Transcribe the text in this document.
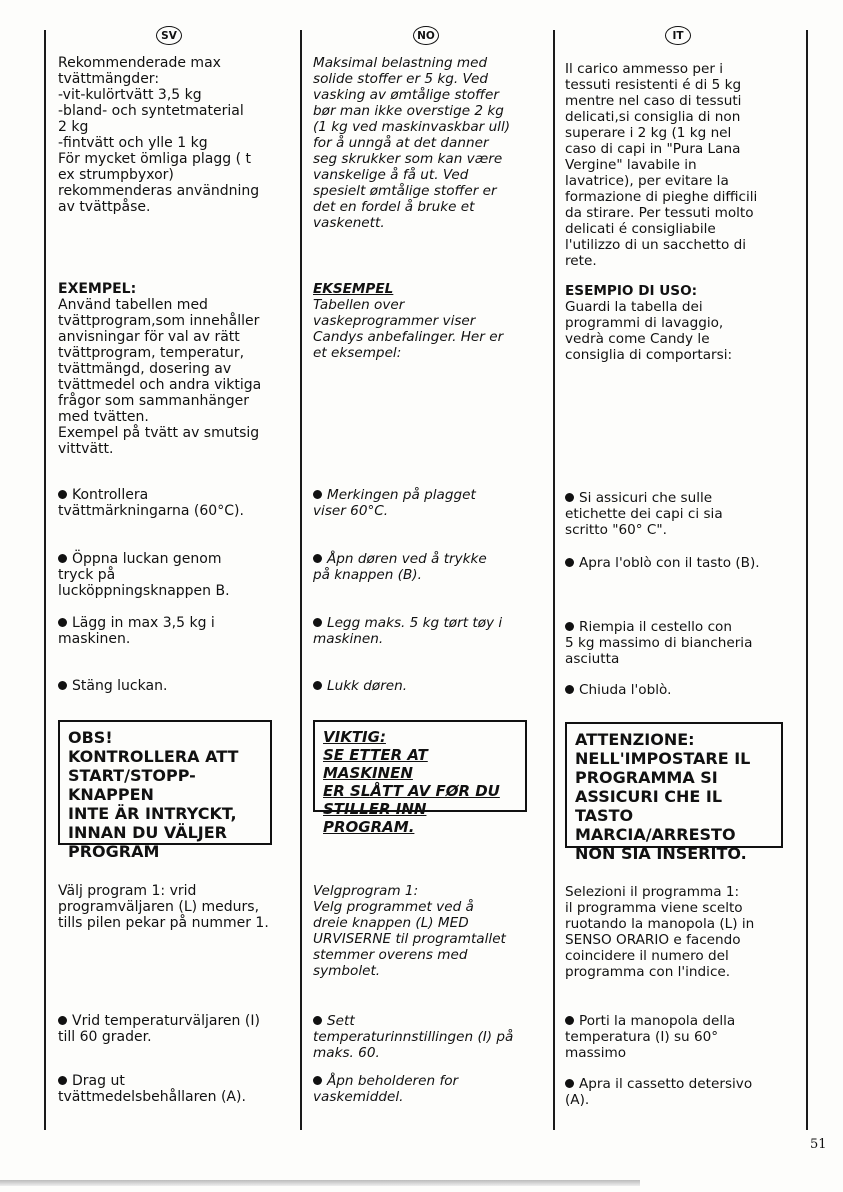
SV
Rekommenderade max
tvättmängder:
-vit-kulörtvätt 3,5 kg
-bland- och syntetmaterial
2 kg
-fintvätt och ylle 1 kg
För mycket ömliga plagg ( t
ex strumpbyxor)
rekommenderas användning
av tvättpåse.
EXEMPEL:
Använd tabellen med
tvättprogram,som innehåller
anvisningar för val av rätt
tvättprogram, temperatur,
tvättmängd, dosering av
tvättmedel och andra viktiga
frågor som sammanhänger
med tvätten.
Exempel på tvätt av smutsig
vittvätt.
Kontrollera
tvättmärkningarna (60°C).
Öppna luckan genom
tryck på
lucköppningsknappen B.
Lägg in max 3,5 kg i
maskinen.
Stäng luckan.
OBS!
KONTROLLERA ATT
START/STOPP-KNAPPEN
INTE ÄR INTRYCKT,
INNAN DU VÄLJER
PROGRAM
Välj program 1: vrid
programväljaren (L) medurs,
tills pilen pekar på nummer 1.
Vrid temperaturväljaren (I)
till 60 grader.
Drag ut
tvättmedelsbehållaren (A).
NO
Maksimal belastning med
solide stoffer er 5 kg. Ved
vasking av ømtålige stoffer
bør man ikke overstige 2 kg
(1 kg ved maskinvaskbar ull)
for å unngå at det danner
seg skrukker som kan være
vanskelige å få ut. Ved
spesielt ømtålige stoffer er
det en fordel å bruke et
vaskenett.
EKSEMPEL
Tabellen over
vaskeprogrammer viser
Candys anbefalinger. Her er
et eksempel:
Merkingen på plagget
viser 60°C.
Åpn døren ved å trykke
på knappen (B).
Legg maks. 5 kg tørt tøy i
maskinen.
Lukk døren.
VIKTIG:
SE ETTER AT MASKINEN
ER SLÅTT AV FØR DU
STILLER INN PROGRAM.
Velgprogram 1:
Velg programmet ved å
dreie knappen (L) MED
URVISERNE til programtallet
stemmer overens med
symbolet.
Sett
temperaturinnstillingen (I) på
maks. 60.
Åpn beholderen for
vaskemiddel.
IT
Il carico ammesso per i
tessuti resistenti é di 5 kg
mentre nel caso di tessuti
delicati,si consiglia di non
superare i 2 kg (1 kg nel
caso di capi in "Pura Lana
Vergine" lavabile in
lavatrice), per evitare la
formazione di pieghe difficili
da stirare. Per tessuti molto
delicati é consigliabile
l'utilizzo di un sacchetto di
rete.
ESEMPIO DI USO:
Guardi la tabella dei
programmi di lavaggio,
vedrà come Candy le
consiglia di comportarsi:
Si assicuri che sulle
etichette dei capi ci sia
scritto "60° C".
Apra l'oblò con il tasto (B).
Riempia il cestello con
5 kg massimo di biancheria
asciutta
Chiuda l'oblò.
ATTENZIONE:
NELL'IMPOSTARE IL
PROGRAMMA SI
ASSICURI CHE IL TASTO
MARCIA/ARRESTO
NON SIA INSERITO.
Selezioni il programma 1:
il programma viene scelto
ruotando la manopola (L) in
SENSO ORARIO e facendo
coincidere il numero del
programma con l'indice.
Porti la manopola della
temperatura (I) su 60°
massimo
Apra il cassetto detersivo
(A).
51
